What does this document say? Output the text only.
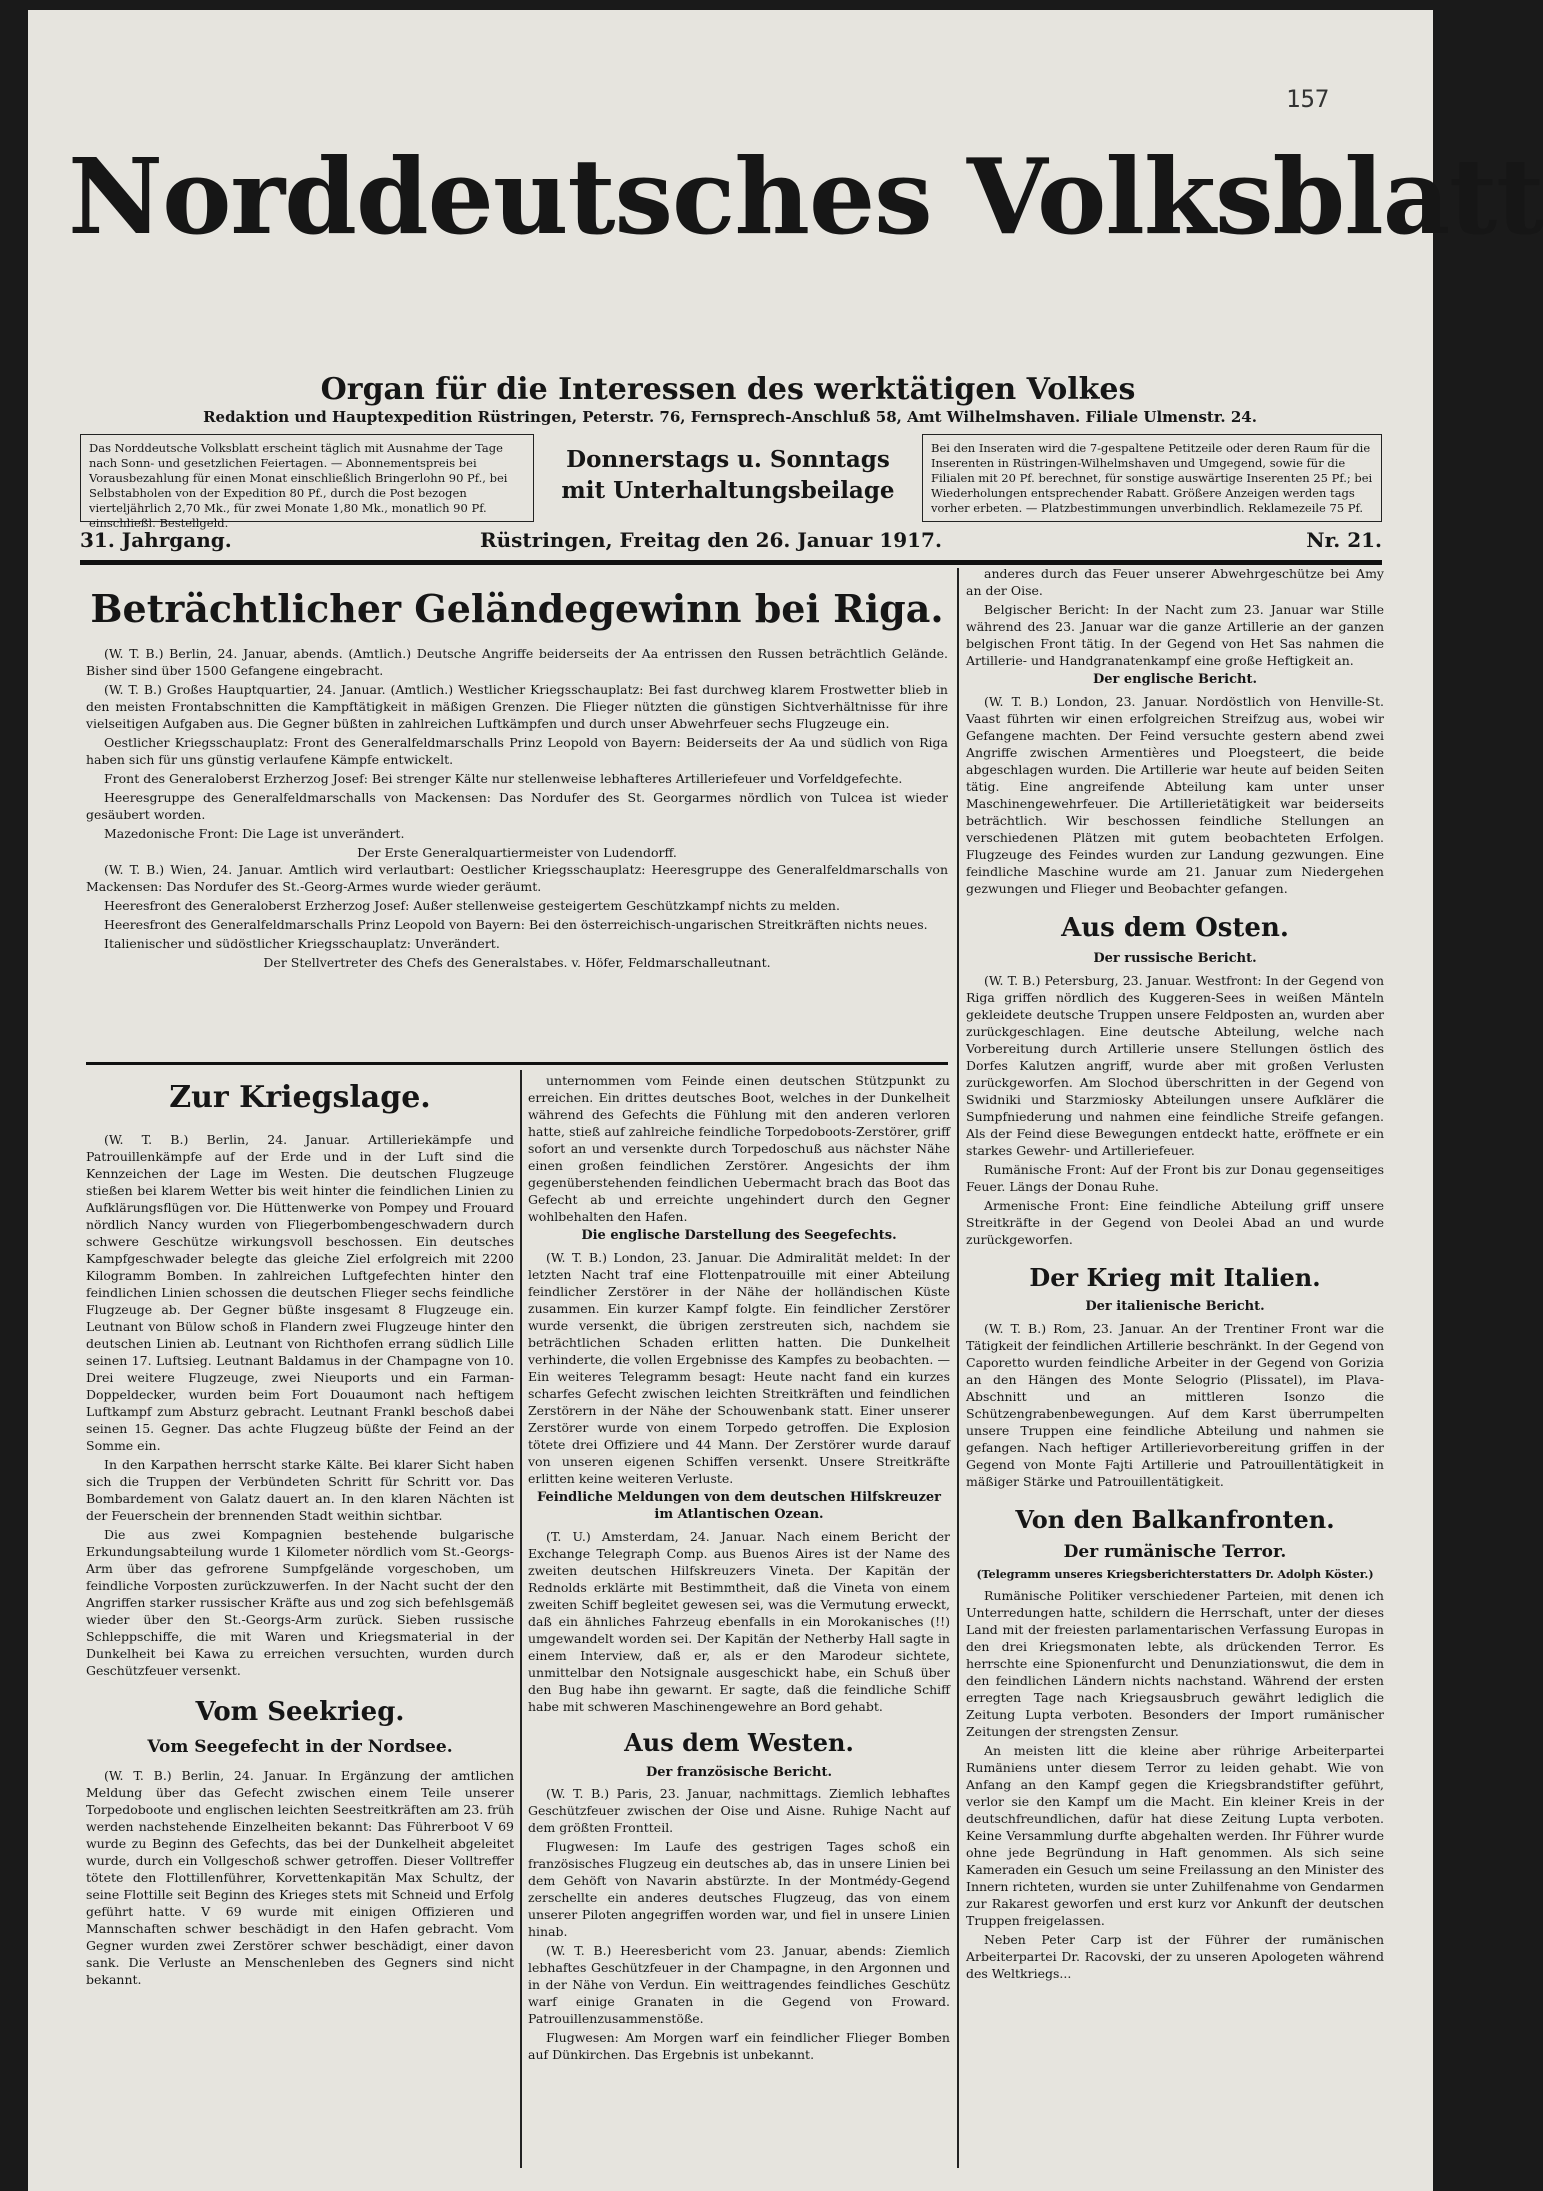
157
Norddeutsches Volksblatt
Organ für die Interessen des werktätigen Volkes
Redaktion und Hauptexpedition Rüstringen, Peterstr. 76, Fernsprech-Anschluß 58, Amt Wilhelmshaven. Filiale Ulmenstr. 24.
Das Norddeutsche Volksblatt erscheint täglich mit Ausnahme der Tage nach Sonn- und gesetzlichen Feiertagen. — Abonnementspreis bei Vorausbezahlung für einen Monat einschließlich Bringerlohn 90 Pf., bei Selbstabholen von der Expedition 80 Pf., durch die Post bezogen vierteljährlich 2,70 Mk., für zwei Monate 1,80 Mk., monatlich 90 Pf. einschließl. Bestellgeld.
Donnerstags u. Sonntags
mit Unterhaltungsbeilage
Bei den Inseraten wird die 7-gespaltene Petitzeile oder deren Raum für die Inserenten in Rüstringen-Wilhelmshaven und Umgegend, sowie für die Filialen mit 20 Pf. berechnet, für sonstige auswärtige Inserenten 25 Pf.; bei Wiederholungen entsprechender Rabatt. Größere Anzeigen werden tags vorher erbeten. — Platzbestimmungen unverbindlich. Reklamezeile 75 Pf.
31. Jahrgang.	Rüstringen, Freitag den 26. Januar 1917.	Nr. 21.
Beträchtlicher Geländegewinn bei Riga.

(W. T. B.) Berlin, 24. Januar, abends. (Amtlich.) Deutsche Angriffe beiderseits der Aa entrissen den Russen beträchtlich Gelände. Bisher sind über 1500 Gefangene eingebracht.

(W. T. B.) Großes Hauptquartier, 24. Januar. (Amtlich.) Westlicher Kriegsschauplatz: Bei fast durchweg klarem Frostwetter blieb in den meisten Frontabschnitten die Kampftätigkeit in mäßigen Grenzen. Die Flieger nützten die günstigen Sichtverhältnisse für ihre vielseitigen Aufgaben aus. Die Gegner büßten in zahlreichen Luftkämpfen und durch unser Abwehrfeuer sechs Flugzeuge ein.

Oestlicher Kriegsschauplatz: Front des Generalfeldmarschalls Prinz Leopold von Bayern: Beiderseits der Aa und südlich von Riga haben sich für uns günstig verlaufene Kämpfe entwickelt.

Front des Generaloberst Erzherzog Josef: Bei strenger Kälte nur stellenweise lebhafteres Artilleriefeuer und Vorfeldgefechte.

Heeresgruppe des Generalfeldmarschalls von Mackensen: Das Nordufer des St. Georgarmes nördlich von Tulcea ist wieder gesäubert worden.

Mazedonische Front: Die Lage ist unverändert.

Der Erste Generalquartiermeister von Ludendorff.

(W. T. B.) Wien, 24. Januar. Amtlich wird verlautbart: Oestlicher Kriegsschauplatz: Heeresgruppe des Generalfeldmarschalls von Mackensen: Das Nordufer des St.-Georg-Armes wurde wieder geräumt.

Heeresfront des Generaloberst Erzherzog Josef: Außer stellenweise gesteigertem Geschützkampf nichts zu melden.

Heeresfront des Generalfeldmarschalls Prinz Leopold von Bayern: Bei den österreichisch-ungarischen Streitkräften nichts neues.

Italienischer und südöstlicher Kriegsschauplatz: Unverändert.

Der Stellvertreter des Chefs des Generalstabes. v. Höfer, Feldmarschalleutnant.
Zur Kriegslage.

(W. T. B.) Berlin, 24. Januar. Artilleriekämpfe und Patrouillenkämpfe auf der Erde und in der Luft sind die Kennzeichen der Lage im Westen. Die deutschen Flugzeuge stießen bei klarem Wetter bis weit hinter die feindlichen Linien zu Aufklärungsflügen vor. Die Hüttenwerke von Pompey und Frouard nördlich Nancy wurden von Fliegerbombengeschwadern durch schwere Geschütze wirkungsvoll beschossen. Ein deutsches Kampfgeschwader belegte das gleiche Ziel erfolgreich mit 2200 Kilogramm Bomben. In zahlreichen Luftgefechten hinter den feindlichen Linien schossen die deutschen Flieger sechs feindliche Flugzeuge ab. Der Gegner büßte insgesamt 8 Flugzeuge ein. Leutnant von Bülow schoß in Flandern zwei Flugzeuge hinter den deutschen Linien ab. Leutnant von Richthofen errang südlich Lille seinen 17. Luftsieg. Leutnant Baldamus in der Champagne von 10. Drei weitere Flugzeuge, zwei Nieuports und ein Farman-Doppeldecker, wurden beim Fort Douaumont nach heftigem Luftkampf zum Absturz gebracht. Leutnant Frankl beschoß dabei seinen 15. Gegner. Das achte Flugzeug büßte der Feind an der Somme ein.

In den Karpathen herrscht starke Kälte. Bei klarer Sicht haben sich die Truppen der Verbündeten Schritt für Schritt vor. Das Bombardement von Galatz dauert an. In den klaren Nächten ist der Feuerschein der brennenden Stadt weithin sichtbar.

Die aus zwei Kompagnien bestehende bulgarische Erkundungsabteilung wurde 1 Kilometer nördlich vom St.-Georgs-Arm über das gefrorene Sumpfgelände vorgeschoben, um feindliche Vorposten zurückzuwerfen. In der Nacht sucht der den Angriffen starker russischer Kräfte aus und zog sich befehlsgemäß wieder über den St.-Georgs-Arm zurück. Sieben russische Schleppschiffe, die mit Waren und Kriegsmaterial in der Dunkelheit bei Kawa zu erreichen versuchten, wurden durch Geschützfeuer versenkt.

Vom Seekrieg.
Vom Seegefecht in der Nordsee.

(W. T. B.) Berlin, 24. Januar. In Ergänzung der amtlichen Meldung über das Gefecht zwischen einem Teile unserer Torpedoboote und englischen leichten Seestreitkräften am 23. früh werden nachstehende Einzelheiten bekannt: Das Führerboot V 69 wurde zu Beginn des Gefechts, das bei der Dunkelheit abgeleitet wurde, durch ein Vollgeschoß schwer getroffen. Dieser Volltreffer tötete den Flottillenführer, Korvettenkapitän Max Schultz, der seine Flottille seit Beginn des Krieges stets mit Schneid und Erfolg geführt hatte. V 69 wurde mit einigen Offizieren und Mannschaften schwer beschädigt in den Hafen gebracht. Vom Gegner wurden zwei Zerstörer schwer beschädigt, einer davon sank. Die Verluste an Menschenleben des Gegners sind nicht bekannt.

unternommen vom Feinde einen deutschen Stützpunkt zu erreichen. Ein drittes deutsches Boot, welches in der Dunkelheit während des Gefechts die Fühlung mit den anderen verloren hatte, stieß auf zahlreiche feindliche Torpedoboots-Zerstörer, griff sofort an und versenkte durch Torpedoschuß aus nächster Nähe einen großen feindlichen Zerstörer. Angesichts der ihm gegenüberstehenden feindlichen Uebermacht brach das Boot das Gefecht ab und erreichte ungehindert durch den Gegner wohlbehalten den Hafen.

Die englische Darstellung des Seegefechts.

(W. T. B.) London, 23. Januar. Die Admiralität meldet: In der letzten Nacht traf eine Flottenpatrouille mit einer Abteilung feindlicher Zerstörer in der Nähe der holländischen Küste zusammen. Ein kurzer Kampf folgte. Ein feindlicher Zerstörer wurde versenkt, die übrigen zerstreuten sich, nachdem sie beträchtlichen Schaden erlitten hatten. Die Dunkelheit verhinderte, die vollen Ergebnisse des Kampfes zu beobachten. — Ein weiteres Telegramm besagt: Heute nacht fand ein kurzes scharfes Gefecht zwischen leichten Streitkräften und feindlichen Zerstörern in der Nähe der Schouwenbank statt. Einer unserer Zerstörer wurde von einem Torpedo getroffen. Die Explosion tötete drei Offiziere und 44 Mann. Der Zerstörer wurde darauf von unseren eigenen Schiffen versenkt. Unsere Streitkräfte erlitten keine weiteren Verluste.

Feindliche Meldungen von dem deutschen Hilfskreuzer im Atlantischen Ozean.

(T. U.) Amsterdam, 24. Januar. Nach einem Bericht der Exchange Telegraph Comp. aus Buenos Aires ist der Name des zweiten deutschen Hilfskreuzers Vineta. Der Kapitän der Rednolds erklärte mit Bestimmtheit, daß die Vineta von einem zweiten Schiff begleitet gewesen sei, was die Vermutung erweckt, daß ein ähnliches Fahrzeug ebenfalls in ein Morokanisches (!!) umgewandelt worden sei. Der Kapitän der Netherby Hall sagte in einem Interview, daß er, als er den Marodeur sichtete, unmittelbar den Notsignale ausgeschickt habe, ein Schuß über den Bug habe ihn gewarnt. Er sagte, daß die feindliche Schiff habe mit schweren Maschinengewehre an Bord gehabt.

Aus dem Westen.
Der französische Bericht.

(W. T. B.) Paris, 23. Januar, nachmittags. Ziemlich lebhaftes Geschützfeuer zwischen der Oise und Aisne. Ruhige Nacht auf dem größten Frontteil.

Flugwesen: Im Laufe des gestrigen Tages schoß ein französisches Flugzeug ein deutsches ab, das in unsere Linien bei dem Gehöft von Navarin abstürzte. In der Montmédy-Gegend zerschellte ein anderes deutsches Flugzeug, das von einem unserer Piloten angegriffen worden war, und fiel in unsere Linien hinab.

(W. T. B.) Heeresbericht vom 23. Januar, abends: Ziemlich lebhaftes Geschützfeuer in der Champagne, in den Argonnen und in der Nähe von Verdun. Ein weittragendes feindliches Geschütz warf einige Granaten in die Gegend von Froward. Patrouillenzusammenstöße.

Flugwesen: Am Morgen warf ein feindlicher Flieger Bomben auf Dünkirchen. Das Ergebnis ist unbekannt.

anderes durch das Feuer unserer Abwehrgeschütze bei Amy an der Oise.

Belgischer Bericht: In der Nacht zum 23. Januar war Stille während des 23. Januar war die ganze Artillerie an der ganzen belgischen Front tätig. In der Gegend von Het Sas nahmen die Artillerie- und Handgranatenkampf eine große Heftigkeit an.

Der englische Bericht.

(W. T. B.) London, 23. Januar. Nordöstlich von Henville-St. Vaast führten wir einen erfolgreichen Streifzug aus, wobei wir Gefangene machten. Der Feind versuchte gestern abend zwei Angriffe zwischen Armentières und Ploegsteert, die beide abgeschlagen wurden. Die Artillerie war heute auf beiden Seiten tätig. Eine angreifende Abteilung kam unter unser Maschinengewehrfeuer. Die Artillerietätigkeit war beiderseits beträchtlich. Wir beschossen feindliche Stellungen an verschiedenen Plätzen mit gutem beobachteten Erfolgen. Flugzeuge des Feindes wurden zur Landung gezwungen. Eine feindliche Maschine wurde am 21. Januar zum Niedergehen gezwungen und Flieger und Beobachter gefangen.

Aus dem Osten.
Der russische Bericht.

(W. T. B.) Petersburg, 23. Januar. Westfront: In der Gegend von Riga griffen nördlich des Kuggeren-Sees in weißen Mänteln gekleidete deutsche Truppen unsere Feldposten an, wurden aber zurückgeschlagen. Eine deutsche Abteilung, welche nach Vorbereitung durch Artillerie unsere Stellungen östlich des Dorfes Kalutzen angriff, wurde aber mit großen Verlusten zurückgeworfen. Am Slochod überschritten in der Gegend von Swidniki und Starzmiosky Abteilungen unsere Aufklärer die Sumpfniederung und nahmen eine feindliche Streife gefangen. Als der Feind diese Bewegungen entdeckt hatte, eröffnete er ein starkes Gewehr- und Artilleriefeuer.

Rumänische Front: Auf der Front bis zur Donau gegenseitiges Feuer. Längs der Donau Ruhe.

Armenische Front: Eine feindliche Abteilung griff unsere Streitkräfte in der Gegend von Deolei Abad an und wurde zurückgeworfen.

Der Krieg mit Italien.
Der italienische Bericht.

(W. T. B.) Rom, 23. Januar. An der Trentiner Front war die Tätigkeit der feindlichen Artillerie beschränkt. In der Gegend von Caporetto wurden feindliche Arbeiter in der Gegend von Gorizia an den Hängen des Monte Selogrio (Plissatel), im Plava-Abschnitt und an mittleren Isonzo die Schützengrabenbewegungen. Auf dem Karst überrumpelten unsere Truppen eine feindliche Abteilung und nahmen sie gefangen. Nach heftiger Artillerievorbereitung griffen in der Gegend von Monte Fajti Artillerie und Patrouillentätigkeit in mäßiger Stärke und Patrouillentätigkeit.

Von den Balkanfronten.
Der rumänische Terror.
(Telegramm unseres Kriegsberichterstatters Dr. Adolph Köster.)

Rumänische Politiker verschiedener Parteien, mit denen ich Unterredungen hatte, schildern die Herrschaft, unter der dieses Land mit der freiesten parlamentarischen Verfassung Europas in den drei Kriegsmonaten lebte, als drückenden Terror. Es herrschte eine Spionenfurcht und Denunziationswut, die dem in den feindlichen Ländern nichts nachstand. Während der ersten erregten Tage nach Kriegsausbruch gewährt lediglich die Zeitung Lupta verboten. Besonders der Import rumänischer Zeitungen der strengsten Zensur.

An meisten litt die kleine aber rührige Arbeiterpartei Rumäniens unter diesem Terror zu leiden gehabt. Wie von Anfang an den Kampf gegen die Kriegsbrandstifter geführt, verlor sie den Kampf um die Macht. Ein kleiner Kreis in der deutschfreundlichen, dafür hat diese Zeitung Lupta verboten. Keine Versammlung durfte abgehalten werden. Ihr Führer wurde ohne jede Begründung in Haft genommen. Als sich seine Kameraden ein Gesuch um seine Freilassung an den Minister des Innern richteten, wurden sie unter Zuhilfenahme von Gendarmen zur Rakarest geworfen und erst kurz vor Ankunft der deutschen Truppen freigelassen.

Neben Peter Carp ist der Führer der rumänischen Arbeiterpartei Dr. Racovski, der zu unseren Apologeten während des Weltkriegs...
